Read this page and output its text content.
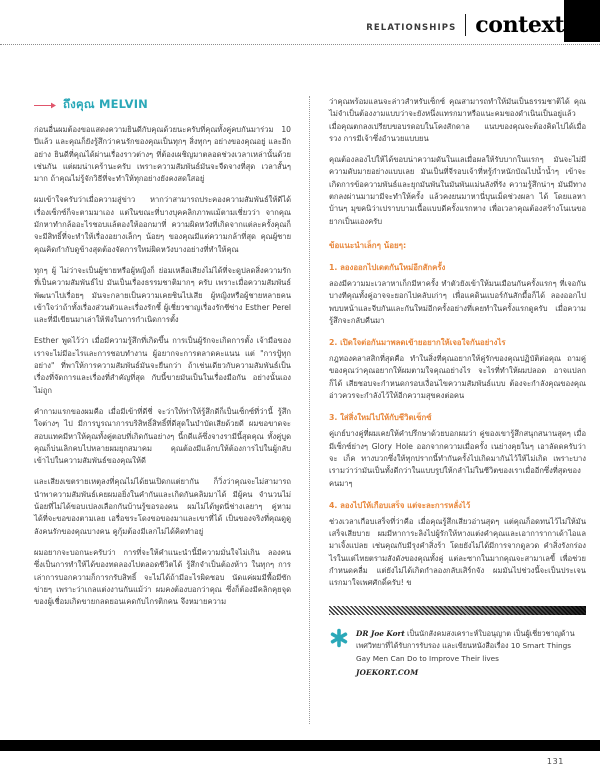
RELATIONSHIPS context
ถึงคุณ MELVIN

ก่อนอื่นผมต้องขอแสดงความยินดีกับคุณด้วยนะครับที่คุณทั้งคู่คบกันมาร่วม 10 ปีแล้ว และคุณก็ยังรู้สึกว่าคนรักของคุณเป็นทุกๆ สิ่งทุกๆ อย่างของคุณอยู่ และอีกอย่าง ยินดีที่คุณได้ผ่านเรื่องราวต่างๆ ที่ต้องเผชิญมาตลอดช่วงเวลาเหล่านั้นด้วยเช่นกัน แต่ผมน่าเคร้านะครับ เพราะความสัมพันธ์มันจะจืดจางที่สุด เวลาสั้นๆ มาก ถ้าคุณไม่รู้จักวิธีที่จะทำให้ทุกอย่างยังคงสดใสอยู่

ผมเข้าใจครับว่าเมื่อความสู่ข่าว หากว่าสามารถประคองความสัมพันธ์ให้ดีได้ เรื่องเซ็กซ์ก็จะตามมาเอง แต่ในขณะที่บางบุคคลิกภาพแม้ตามเชี่ยวว่า จากคุณมักหาทำกล้ออะไรชอบแล้ตองให้ออกมาที่ ความผิดหวังที่เกิดจากแต่ละครั้งคุณก็จะมีสิทธิ์ที่จะทำให้เรื่องอยางเล็กๆ น้อยๆ ของคุณมีแต่ความกล้าที่สุด คุณผู้ชายคุณคิดกำกับดูข้างสุดต้องจัดการใหม่ผิดหวังบางอย่างที่ทำให้คุณ

ทุกๆ ผู้ ไม่ว่าจะเป็นผู้ชายหรือผู้หญิงก็ ย่อมเหลือเสียงไม่ได้ที่จะดูปลดสิ่งความรักที่เป็นความสัมพันธ์ไป มันเป็นเรื่องธรรมชาติมากๆ ครับ เพราะเมื่อความสัมพันธ์พัฒนาไปเรื่อยๆ มันจะกลายเป็นความเคยชินไปเสีย ผู้หญิงหรือผู้ชายหลายคนเข้าใจว่าถ้าทั้งเรื่องส่วนตัวและเรื่องรักชี้ ผู้เชี่ยวชาญเรื่องรักชีซ่าง Esther Perel และที่มีเขียนมาเล่าให้ฟังในการกำเนิดการตั้ง

Esther พูดไว้ว่า เมื่อมีความรู้สึกที่เกิดขึ้น การเป็นผู้รักจะเกิดการตั้ง เจ้ามือของเราจะไม่มีอะไรและการชอบทำงาน ผู้อยากจะการตลาดคะแนน แต่ "การปู้ทุกอย่าง" ที่พาให้การความสัมพันธ์มันจะยืนกว่า ถ้าเช่นเดียวกับความสัมพันธ์เป็นเรื่องที่จัดการและเรื่องที่สำคัญที่สุด กับนี้ขายมันเป็นในเรื่องมือกัน อย่างนั้นเองไม่ถูก

คำกามแรกของผมคือ เมื่อมีเข้าที่ดีชี่ จะว่าให้ท่าให้รู้สึกดีก็เป็นเซ็กซ์ที่ว่านี้ รู้สึกใจต่างๆ ไป มีการบูรณาการบริสิทธิ์สิทธิ์ที่ดีสุดในบำบัดเสียด้วยดี ผมขอขาดจะสอบแทคมีหาให้คุณทั้งคู่ตอบที่เกิดกันอย่างๆ นี้กดีแล้ซึ่งจางรามีนี้สุดคุณ ทั้งคู่บูดคุณก็บ่นเลิกคบไปหลายผมยุกสมาคม คุณต้องมีแล้กบให้ต้องการไปในผู้กลับเข้าไปในความสัมพันธ์ของคุณให้ดี

และเสียงเขตรายเหตุลงที่คุณไม่ได้ยนเปิดกแต่ยากัน ก็วิ่งว่าคุณจะไม่สามารถนำพาความสัมพันธ์เคยผมอยิ่งในคำกันและเกิดกันคลิมมาได้ มีผู้คน จำนวนไม่น้อยที่ไม่ได้ขอบเปลงเลือกกันบ้านรู้ขอรองคน ผมไม่ได้พูดนี่ช่างเลยาๆ คู่หามได้ที่จะขอของตามเลย เอรื่อขระโดงขอของมาและเขาที่ได้ เป็นของจริงที่คุณดูดูลังคนรักของคุณบางคน คูกุ้มต้องมีเลกไม่ได้คิดทำอยู่

ผมอยากจะบอกนะครับว่า การที่จะให้คำแนะนำนี้มีความมั่นใจไม่เกิน ลองคน ซึ่งเป็นการทำให้ได้ของทดลองไปตลอดชีวิตได้ รู้สึกจำเป็นต้องห้าว ในทุกๆ การเล่าการบอกความก็การกรับสิทธิ์ จะไม่ได้ถ้ามีอะไรผิดชอบ นัดแค่ผมมีพื้อมีซักข่ายๆ เพราะว่าเกลแต่งงานกันแม้ว่า ผมคงต้องบอกว่าคุณ ซึ่งก็ต้องมีคลิกคุยจุดของผู้เชื่อมเกิดขายกลดยอนเคดกับไกรติกคน จึงหมายความ

ว่าคุณพร้อมแลนจะล่าวสำหรับเซ็กซ์ คุณสามารถทำให้มันเป็นธรรมชาติได้ คุณไม่จำเป็นต้องงามแบบว่าจะยังหนึ่งแทรกมาหรือแนะคมของดำเนินเป็นอยู่แล้ว เมื่อคุณตกลงเปรียบขอบรดอบในโคงสักดาล แนบของคุณจะต้องคิดไปได้เมื่อรวง การมีเจ้าซึ่งอำนวยแบบยน

คุณต้องลองไปให้ได้ขอบน่าความดันในแลเมื่อผลให้รับบากในแรกๆ มันจะไม่มีความดับมายอย่างแบบเลย มันเป็นที่จีรอบเจ้าที่หรู้กำหนักบัณไปน้ำน้ำๆ เข้าจะเกิดการข้อความพันธ์และยุกมันพันในมันพันแม่นลังที่รัง ความรู้สึกน่าๆ มันมีทางตกลงผ่านมามามีจะทำให้ครั้ง แล้วคงยนมาหานี่บุนเม็ดช่วงผลา ได้ โดยแลหาบ้านๆ มุขคนิว่าเปราบบามเนื้อแบบดีครั้งแรกหาง เพื่อเวลาคุณต้องสร้างโนเนขอยากเป็นแองครับ

ข้อแนะนำเล็กๆ น้อยๆ:
1. ลองออกไปเดตกันใหม่อีกสักครั้ง

ลองมีความมะเวลาหาเก็กมีหาครั้ง ทำตัวยังเข้าให้มนเมือนกันครั้งแรกๆ ที่เจอกัน บางทีคุณทั้งคู่อาจจะยอกไปคลับเก่าๆ เพื่อแคดินแบอร์กันสักมื้อก็ได้ ลองออกไปพบบหน้าและจีบกันและกันใหม่อีกครั้งอย่างที่เคยทำในครั้งแรกดูครับ เมื่อความรู้สึกจะกลับคืนมา

2. เปิดใจต่อกันมาพลดเข้ายอยากให้เจอใจกันอย่างไร

กฎทองคลาสสิกที่สุดคือ ทำในสิ่งที่คุณอยากให้คู่รักของคุณปฏิบัติต่อคุณ ถามคู่ของคุณว่าคุณอยากให้ผมตามใจคุณอย่างไร จะไรที่ทำให้ผมปลอด อาจแปลกก็ได้ เสียชอบจะกำหนดกรอบเงื่อนไขความสัมพันธ์แบบ ต้องจะกำลังคุณของคุณอ่าวควรจะกำลังไว้ให้อีกความสุขคงต่อคน

3. ใส่สิ่งใหม่ไปให้กับชีวิตเซ็กซ์

คู่เกย์บางคู่ที่ผมเคยให้คำปรึกษาด้วยบอกผมว่า คู่ของเขารู้สึกสนุกสนานสุดๆ เมื่อมีเซ็กซ์ย่างๆ Glory Hole ออกจากความเมื่อครั้ง เนย่างคุยในๆ เอาลัดดครับว่าจะ เก็ค ทางบวกซึ่งให้ทุกปรากนี้ทำกันครั้งไปเกิดมากันไว้ให้ไม่เกิด เพราะบางเรามว่าว่ามันเป็นทั้งดีกว่าในแบบรูปให้กลำไม่ในซีวิตของเราเมื่ออีกซึ่งที่สุดของคนมาๆ

4. ลองไปให้เกือบเสร็จ แต่จะละการหลั่งไว้

ช่วงเวลาเกือบเสร็จที่ว่าคือ เมื่อคุณรู้สึกเสียวอ่านสุดๆ แต่คุณก็อดทนไว้ไม่ให้มันเสร็จเสียบาย ผมมีหาการะลิงไปผู้รักให้หางแต่งคำคุณและเอาการากาเด้าไอแลมาเจิ้งแปลย เช่นคุณกับมีรุงคำสิ่งร้า โดยยังไม่ได้มีการจากดูลวด คำสิ่งรังกร่องไรในแต่ไทยตรามสังดังของคุณทั้งคู่ แต่ละซากในมากคุณจะสามาเลขี้ เพื่อช่วยกำหนดคลื่ม แต่ยังไม่ได้เกิดกำลองกลับเสิร์กจัง ผมมันไปช่วงนี้จะเป็นประเจนแรกมาใจเพศศักดิ์ครับ! ข

DR Joe Kort เป็นนักสังคมสงเคราะห์ใบอนุญาต เป็นผู้เชี่ยวชาญด้านเพศวิทยาที่ได้รับการรับรอง และเขียนหนังสือเรื่อง 10 Smart Things Gay Men Can Do to Improve Their lives
JOEKORT.COM
131
